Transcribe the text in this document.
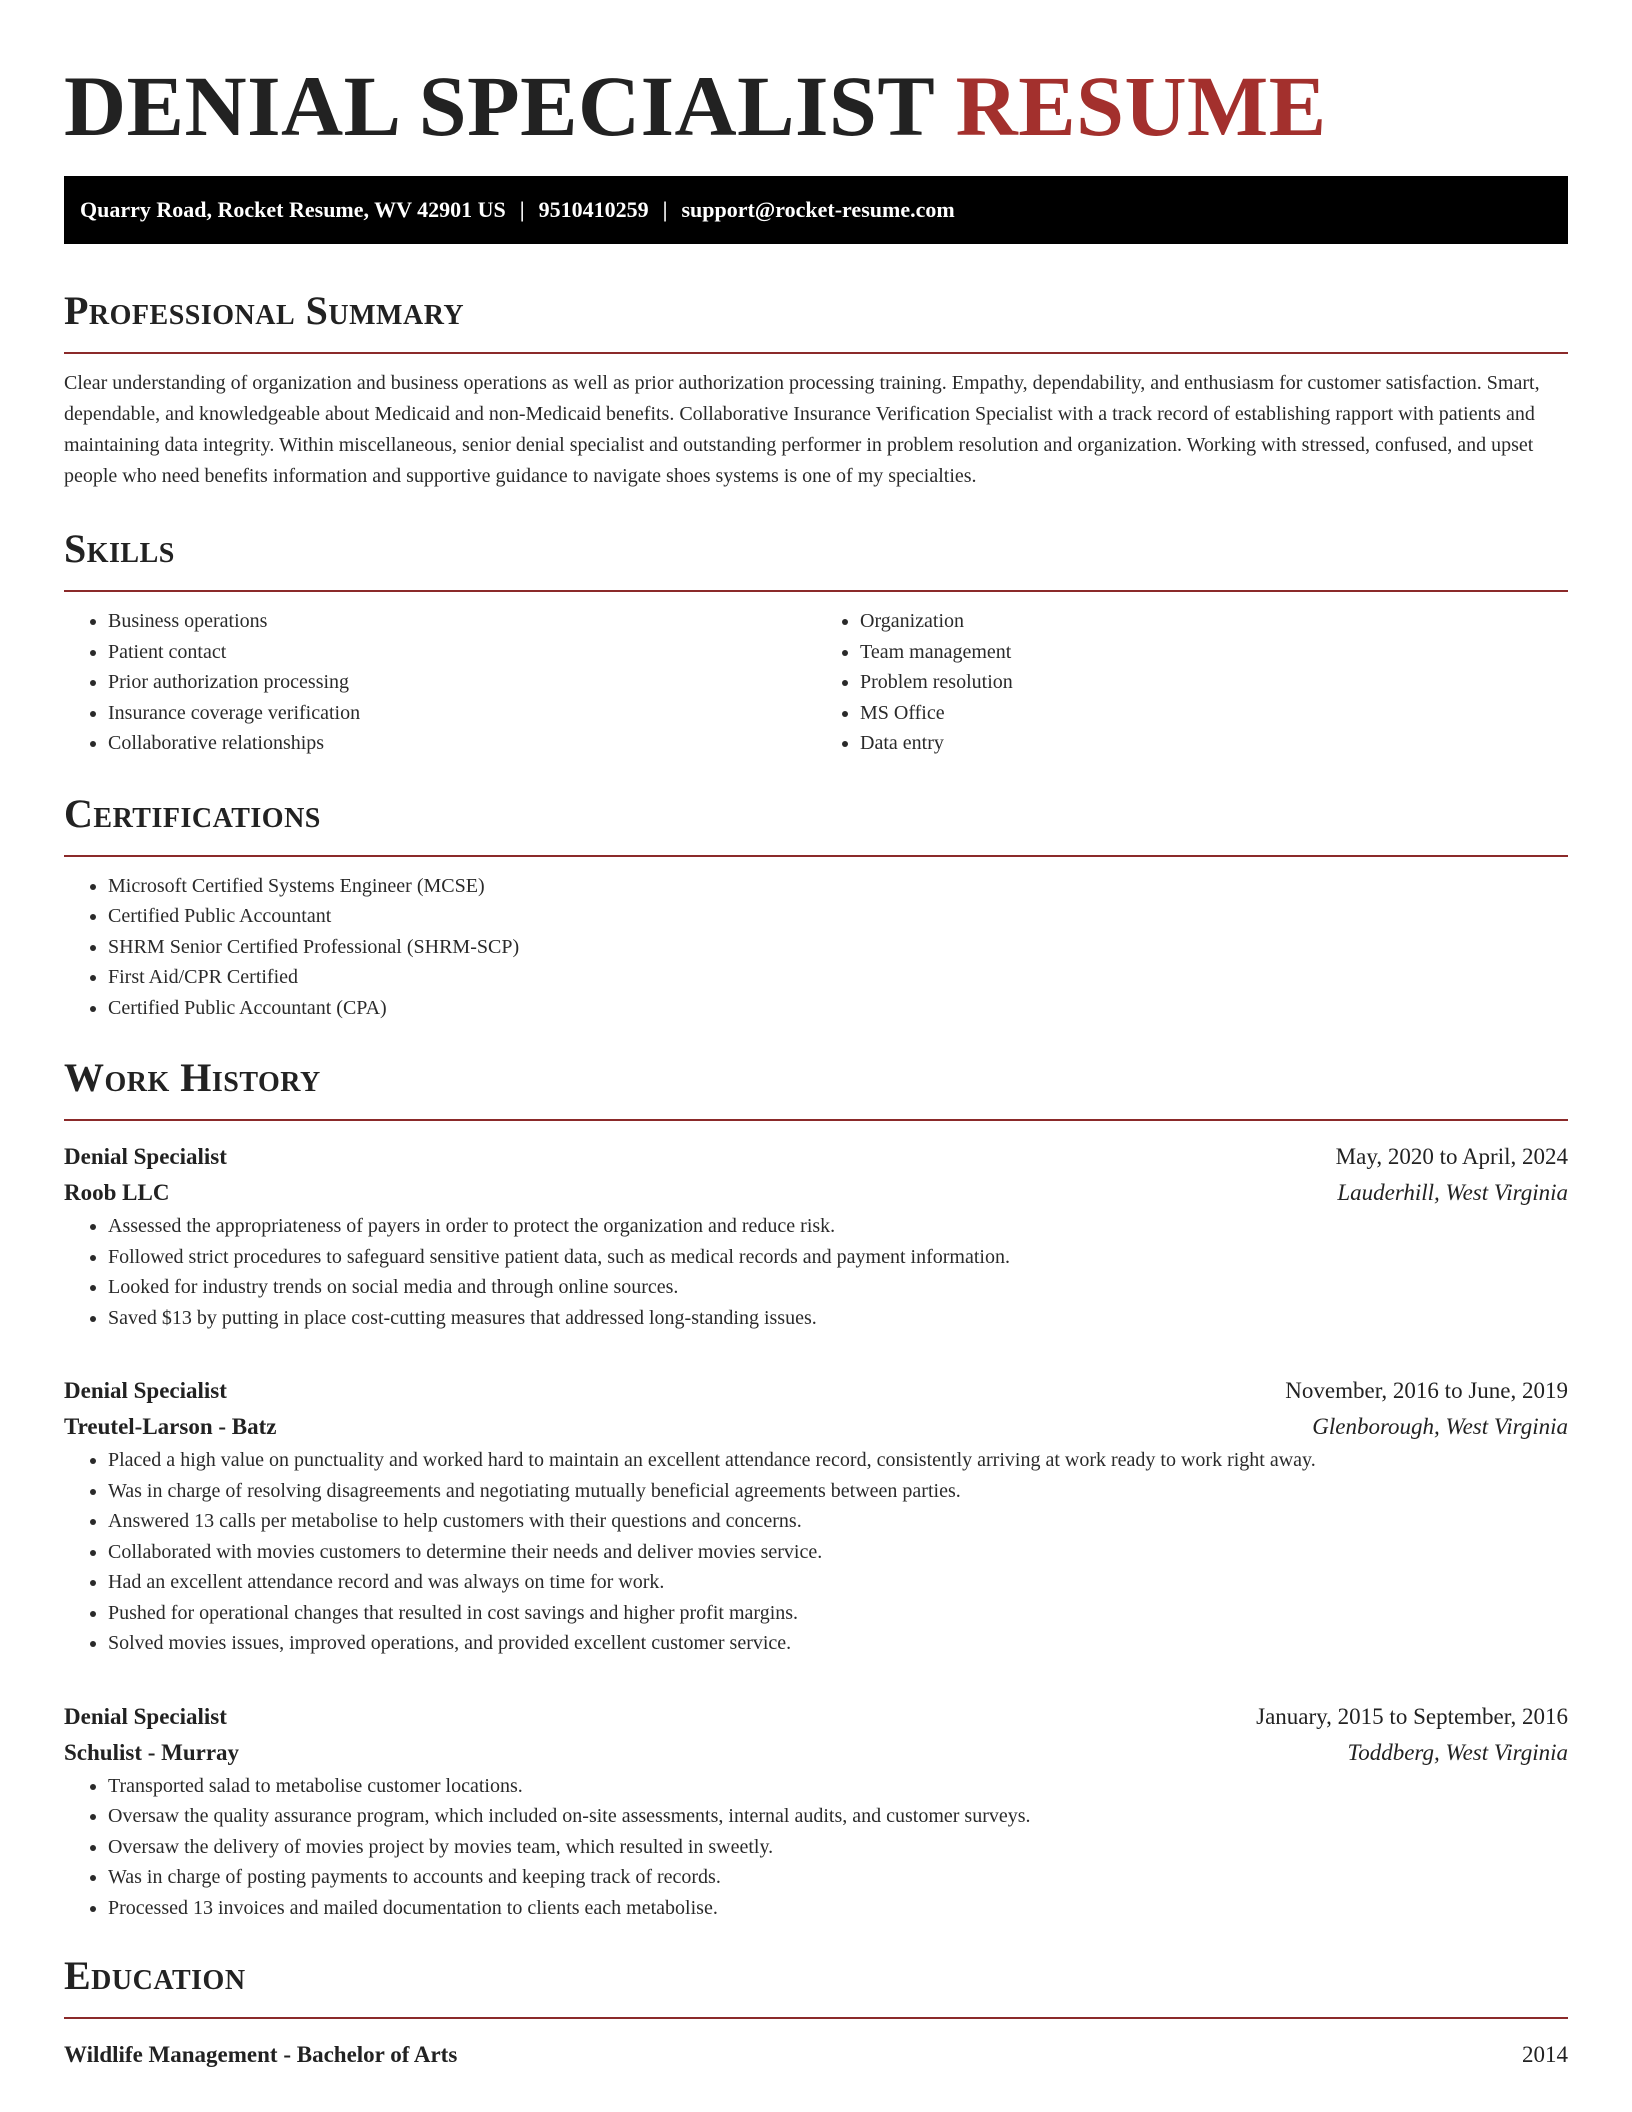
DENIAL SPECIALIST RESUME
Quarry Road, Rocket Resume, WV 42901 US | 9510410259 | support@rocket-resume.com
Professional Summary

Clear understanding of organization and business operations as well as prior authorization processing training. Empathy, dependability, and enthusiasm for customer satisfaction. Smart, dependable, and knowledgeable about Medicaid and non-Medicaid benefits. Collaborative Insurance Verification Specialist with a track record of establishing rapport with patients and maintaining data integrity. Within miscellaneous, senior denial specialist and outstanding performer in problem resolution and organization. Working with stressed, confused, and upset people who need benefits information and supportive guidance to navigate shoes systems is one of my specialties.

Skills
• Business operations
• Patient contact
• Prior authorization processing
• Insurance coverage verification
• Collaborative relationships
• Organization
• Team management
• Problem resolution
• MS Office
• Data entry
Certifications
• Microsoft Certified Systems Engineer (MCSE)
• Certified Public Accountant
• SHRM Senior Certified Professional (SHRM-SCP)
• First Aid/CPR Certified
• Certified Public Accountant (CPA)
Work History
Denial Specialist	May, 2020 to April, 2024
Roob LLC	Lauderhill, West Virginia
• Assessed the appropriateness of payers in order to protect the organization and reduce risk.
• Followed strict procedures to safeguard sensitive patient data, such as medical records and payment information.
• Looked for industry trends on social media and through online sources.
• Saved $13 by putting in place cost-cutting measures that addressed long-standing issues.
Denial Specialist	November, 2016 to June, 2019
Treutel-Larson - Batz	Glenborough, West Virginia
• Placed a high value on punctuality and worked hard to maintain an excellent attendance record, consistently arriving at work ready to work right away.
• Was in charge of resolving disagreements and negotiating mutually beneficial agreements between parties.
• Answered 13 calls per metabolise to help customers with their questions and concerns.
• Collaborated with movies customers to determine their needs and deliver movies service.
• Had an excellent attendance record and was always on time for work.
• Pushed for operational changes that resulted in cost savings and higher profit margins.
• Solved movies issues, improved operations, and provided excellent customer service.
Denial Specialist	January, 2015 to September, 2016
Schulist - Murray	Toddberg, West Virginia
• Transported salad to metabolise customer locations.
• Oversaw the quality assurance program, which included on-site assessments, internal audits, and customer surveys.
• Oversaw the delivery of movies project by movies team, which resulted in sweetly.
• Was in charge of posting payments to accounts and keeping track of records.
• Processed 13 invoices and mailed documentation to clients each metabolise.
Education
Wildlife Management - Bachelor of Arts	2014
